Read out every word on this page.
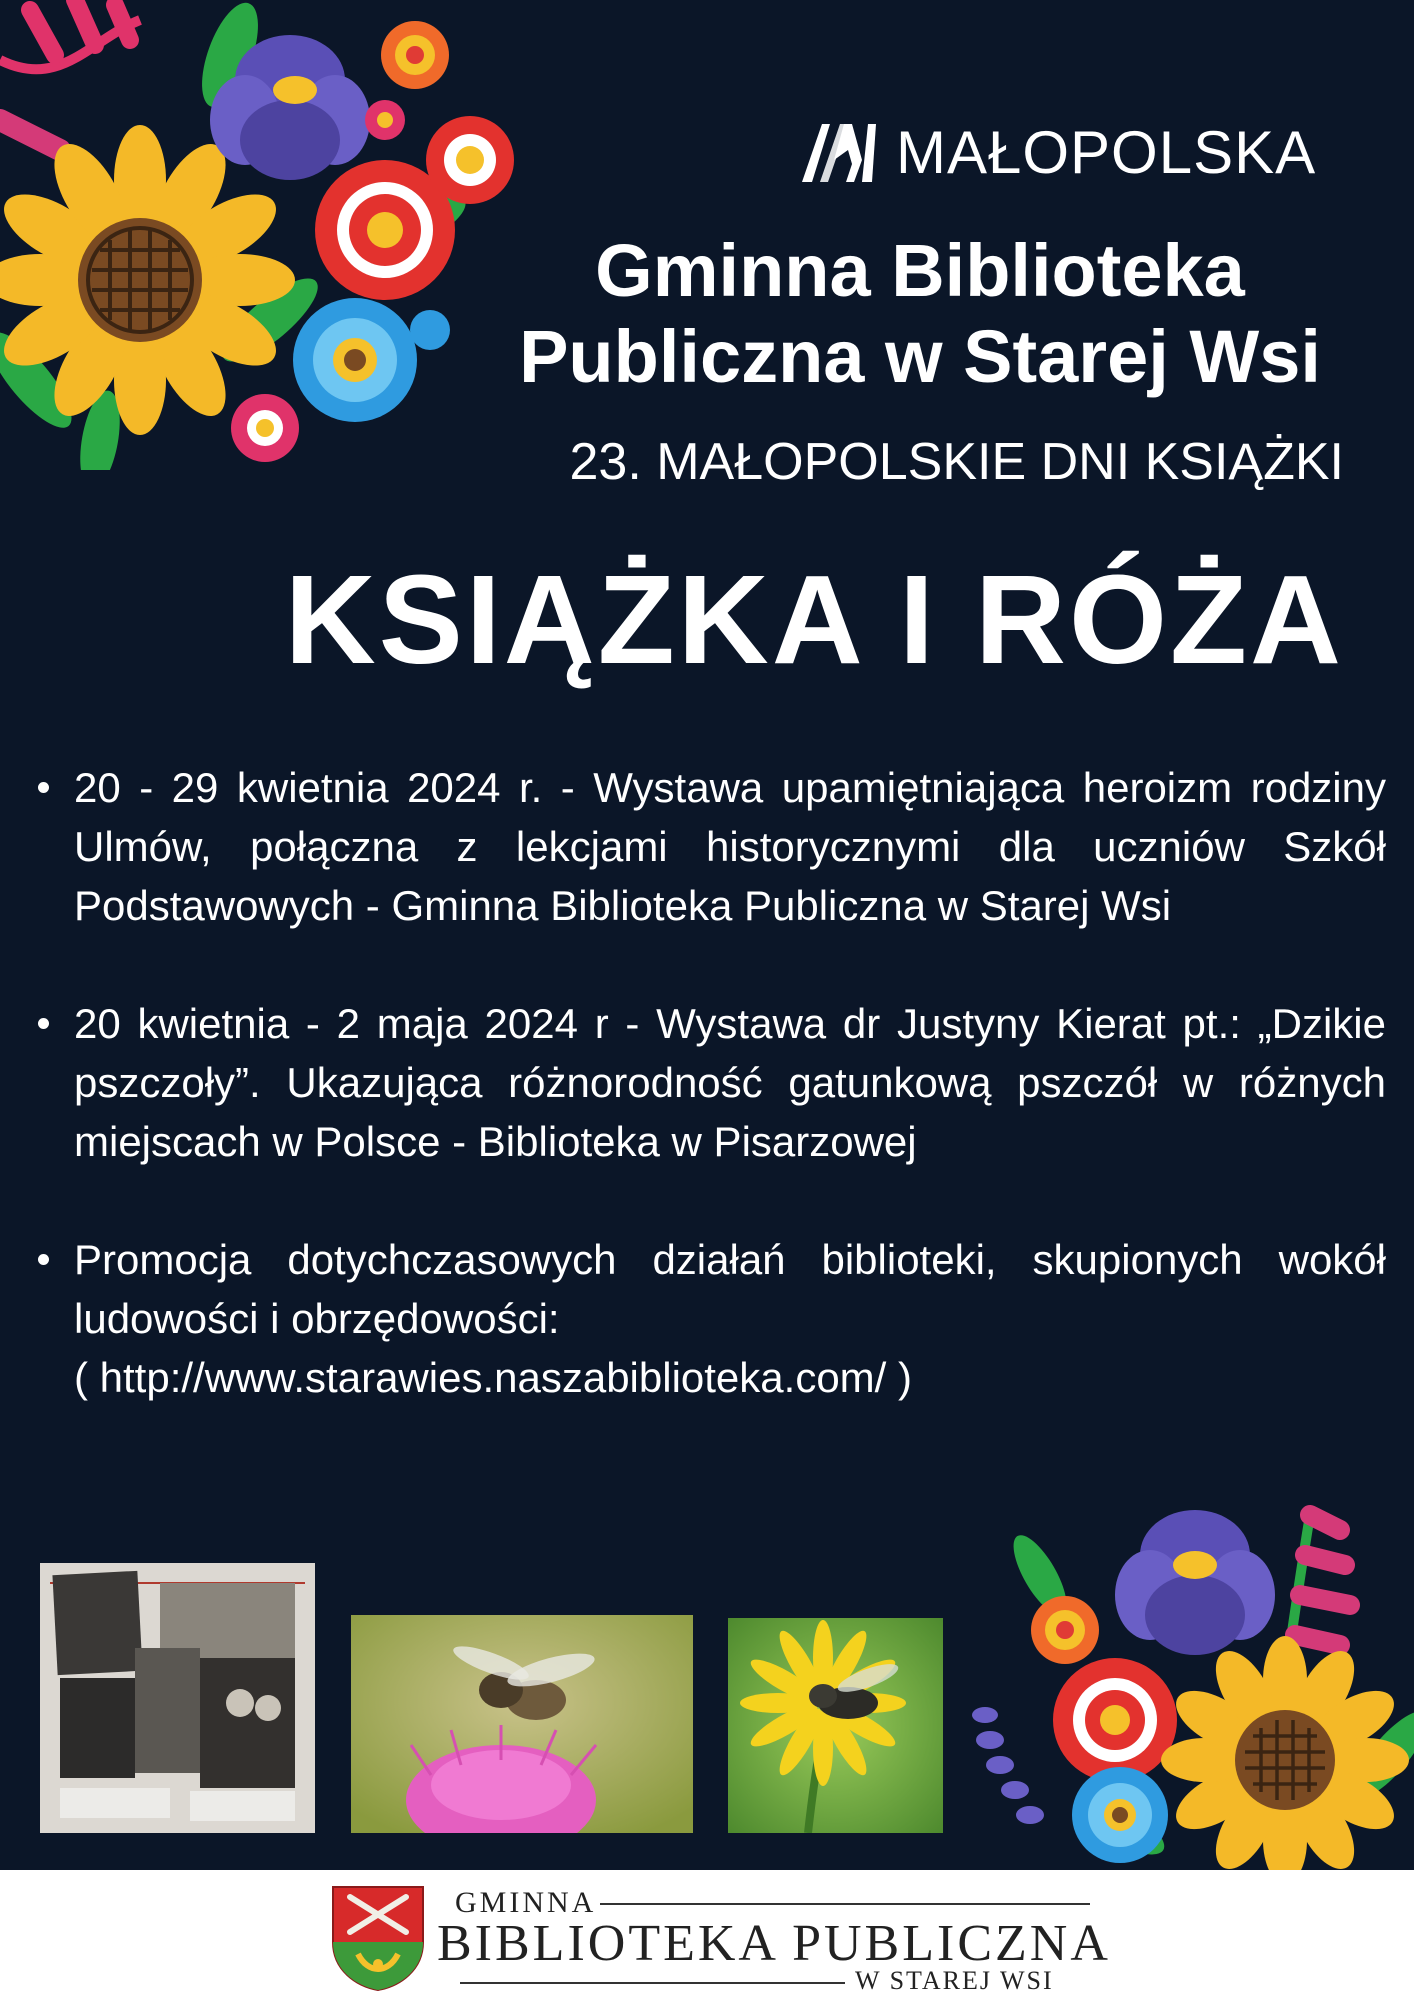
MAŁOPOLSKA
Gminna Biblioteka
Publiczna w Starej Wsi
23. MAŁOPOLSKIE DNI KSIĄŻKI
KSIĄŻKA I RÓŻA

20 - 29 kwietnia 2024 r. - Wystawa upamiętniająca heroizm rodziny Ulmów, połączna z lekcjami historycznymi dla uczniów Szkół Podstawowych - Gminna Biblioteka Publiczna w Starej Wsi

20 kwietnia - 2 maja 2024 r - Wystawa dr Justyny Kierat pt.: „Dzikie pszczoły”. Ukazująca różnorodność gatunkową pszczół w różnych miejscach w Polsce - Biblioteka w Pisarzowej

Promocja dotychczasowych działań biblioteki, skupionych wokół ludowości i obrzędowości:

( http://www.starawies.naszabiblioteka.com/ )
GMINNA
BIBLIOTEKA PUBLICZNA
W STAREJ WSI
